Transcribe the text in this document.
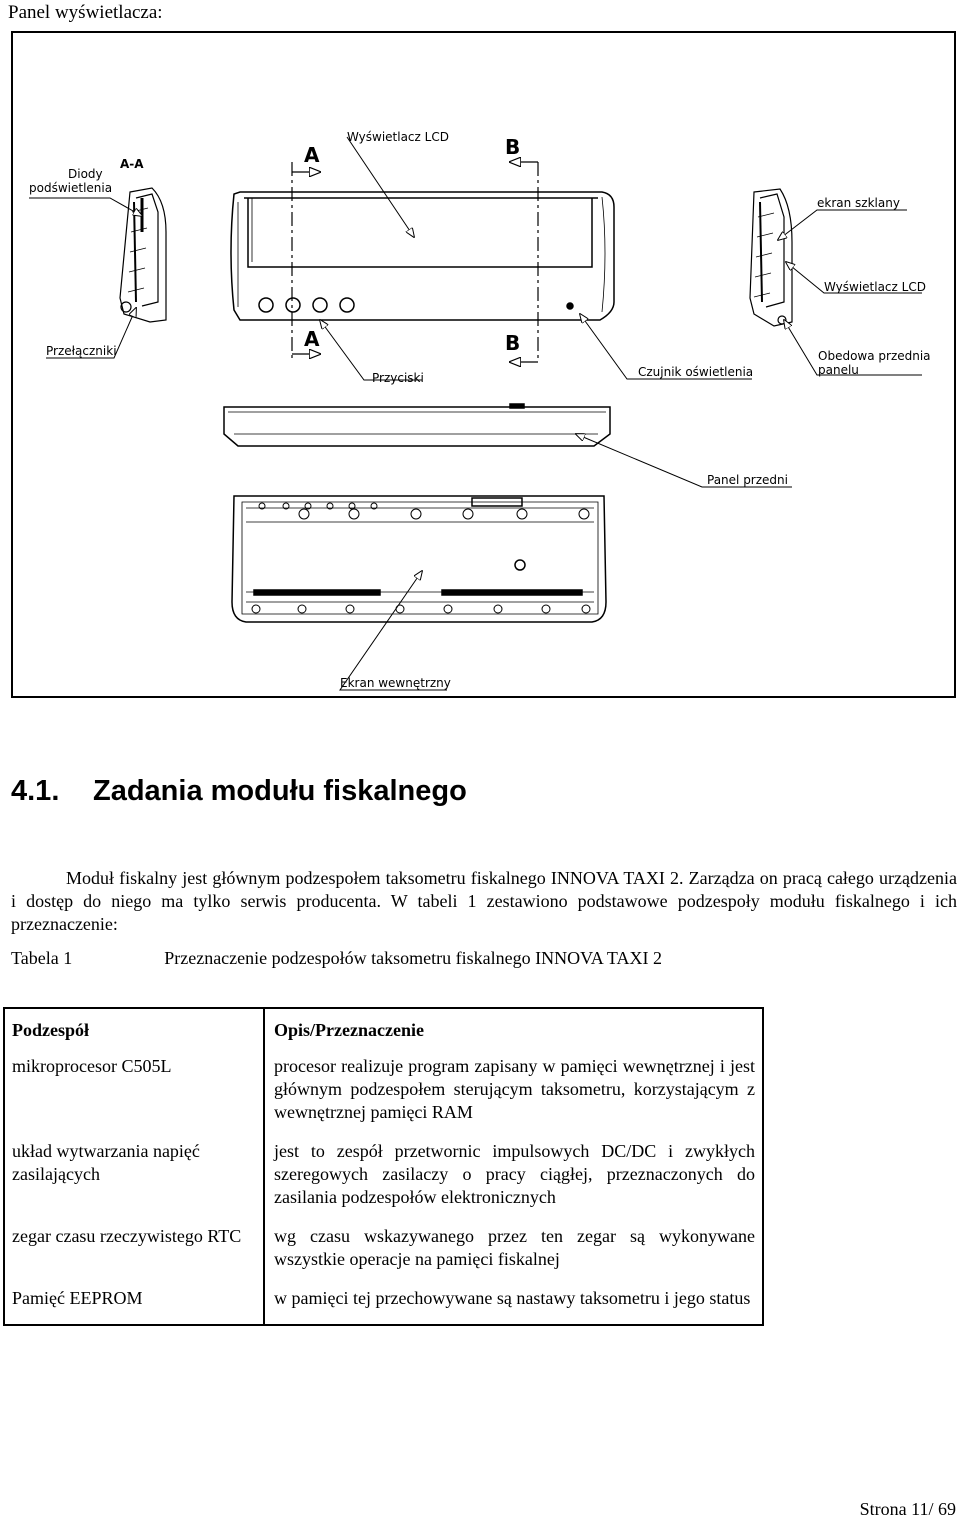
Panel wyświetlacza:
Diody
podświetlenia
A-A
Wyświetlacz LCD
A	B
ekran szklany
Wyświetlacz LCD
Przełączniki	A	B
Przyciski	Czujnik oświetlenia
Obedowa przednia
panelu
Panel przedni
Ekran wewnętrzny
4.1. Zadania modułu fiskalnego
Moduł fiskalny jest głównym podzespołem taksometru fiskalnego INNOVA TAXI 2. Zarządza on pracą całego urządzenia i dostęp do niego ma tylko serwis producenta. W tabeli 1 zestawiono podstawowe podzespoły modułu fiskalnego i ich przeznaczenie:
Tabela 1	Przeznaczenie podzespołów taksometru fiskalnego INNOVA TAXI 2
Podzespół	Opis/Przeznaczenie
mikroprocesor C505L	procesor realizuje program zapisany w pamięci wewnętrznej i jest głównym podzespołem sterującym taksometru, korzystającym z wewnętrznej pamięci RAM
układ wytwarzania napięć zasilających	jest to zespół przetwornic impulsowych DC/DC i zwykłych szeregowych zasilaczy o pracy ciągłej, przeznaczonych do zasilania podzespołów elektronicznych
zegar czasu rzeczywistego RTC	wg czasu wskazywanego przez ten zegar są wykonywane wszystkie operacje na pamięci fiskalnej
Pamięć EEPROM	w pamięci tej przechowywane są nastawy taksometru i jego status
Strona 11/ 69
